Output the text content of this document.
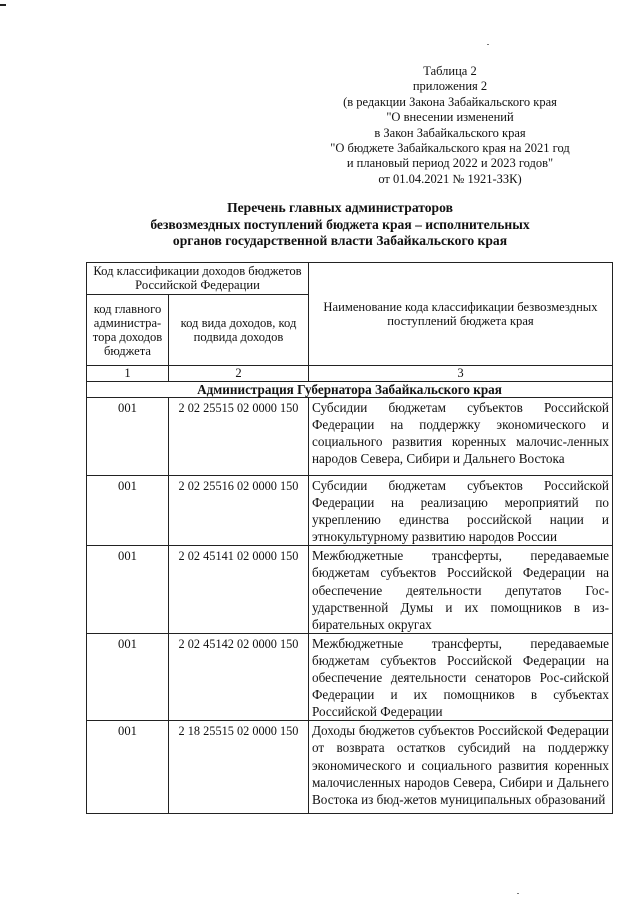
Таблица 2
приложения 2
(в редакции Закона Забайкальского края
"О внесении изменений
в Закон Забайкальского края
"О бюджете Забайкальского края на 2021 год
и плановый период 2022 и 2023 годов"
от 01.04.2021 № 1921-ЗЗК)
Перечень главных администраторов
безвозмездных поступлений бюджета края – исполнительных
органов государственной власти Забайкальского края
Код классификации доходов бюджетов Российской Федерации		Наименование кода классификации безвозмездных поступлений бюджета края
код главного администра-тора доходов бюджета	код вида доходов, код подвида доходов	
1	2	3
Администрация Губернатора Забайкальского края		
001	2 02 25515 02 0000 150	Субсидии бюджетам субъектов Российской Федерации на поддержку экономического и социального развития коренных малочис-ленных народов Севера, Сибири и Дальнего Востока
001	2 02 25516 02 0000 150	Субсидии бюджетам субъектов Российской Федерации на реализацию мероприятий по укреплению единства российской нации и этнокультурному развитию народов России
001	2 02 45141 02 0000 150	Межбюджетные трансферты, передаваемые бюджетам субъектов Российской Федерации на обеспечение деятельности депутатов Гос-ударственной Думы и их помощников в из-бирательных округах
001	2 02 45142 02 0000 150	Межбюджетные трансферты, передаваемые бюджетам субъектов Российской Федерации на обеспечение деятельности сенаторов Рос-сийской Федерации и их помощников в субъектах Российской Федерации
001	2 18 25515 02 0000 150	Доходы бюджетов субъектов Российской Федерации от возврата остатков субсидий на поддержку экономического и социального развития коренных малочисленных народов Севера, Сибири и Дальнего Востока из бюд-жетов муниципальных образований
